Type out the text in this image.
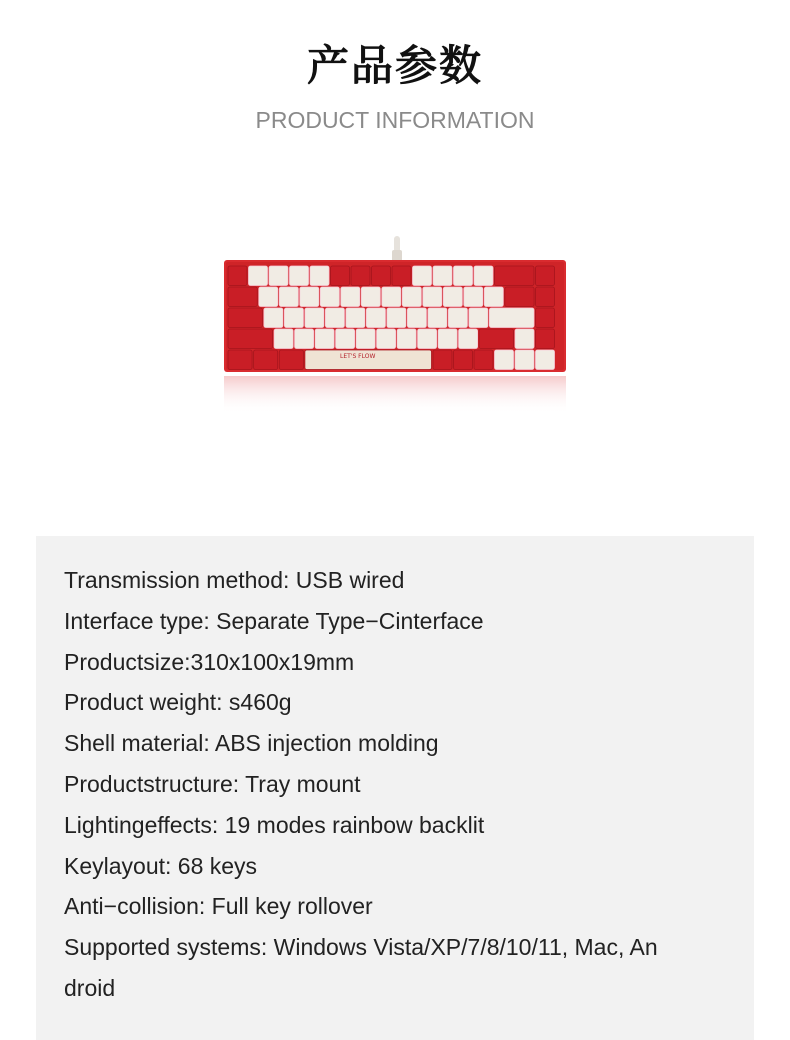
产品参数
PRODUCT INFORMATION
LET'S FLOW
Transmission method: USB wired
Interface type: Separate Type−Cinterface
Productsize:310x100x19mm
Product weight: s460g
Shell material: ABS injection molding
Productstructure: Tray mount
Lightingeffects: 19 modes rainbow backlit
Keylayout: 68 keys
Anti−collision: Full key rollover
Supported systems: Windows Vista/XP/7/8/10/11, Mac, An
droid
